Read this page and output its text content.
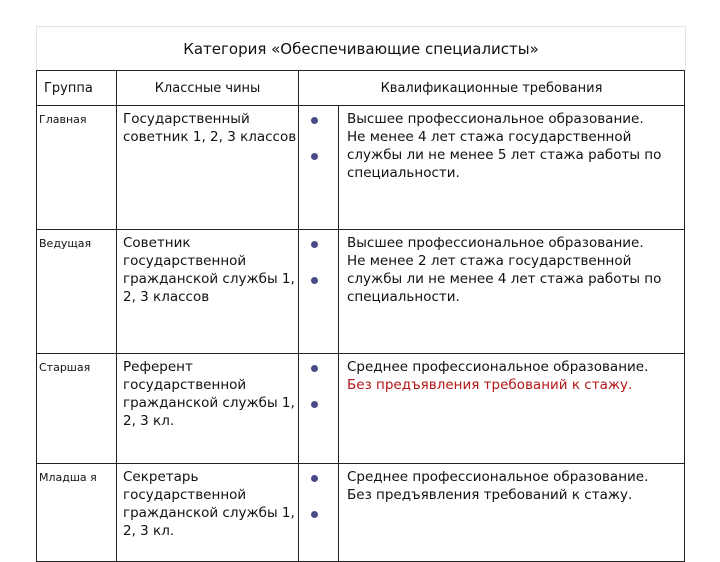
Категория «Обеспечивающие специалисты»
Группа	Классные чины	Квалификационные требования	
Главная	Государственный советник 1, 2, 3 классов		Высшее профессиональное образование.
Не менее 4 лет стажа государственной службы ли не менее 5 лет стажа работы по специальности.

Ведущая	Советник государственной гражданской службы 1, 2, 3 классов		Высшее профессиональное образование.
Не менее 2 лет стажа государственной службы ли не менее 4 лет стажа работы по специальности.

Старшая	Референт государственной гражданской службы 1, 2, 3 кл.		Среднее профессиональное образование.
Без предъявления требований к стажу.

Младша я	Секретарь государственной гражданской службы 1, 2, 3 кл.		Среднее профессиональное образование.
Без предъявления требований к стажу.
